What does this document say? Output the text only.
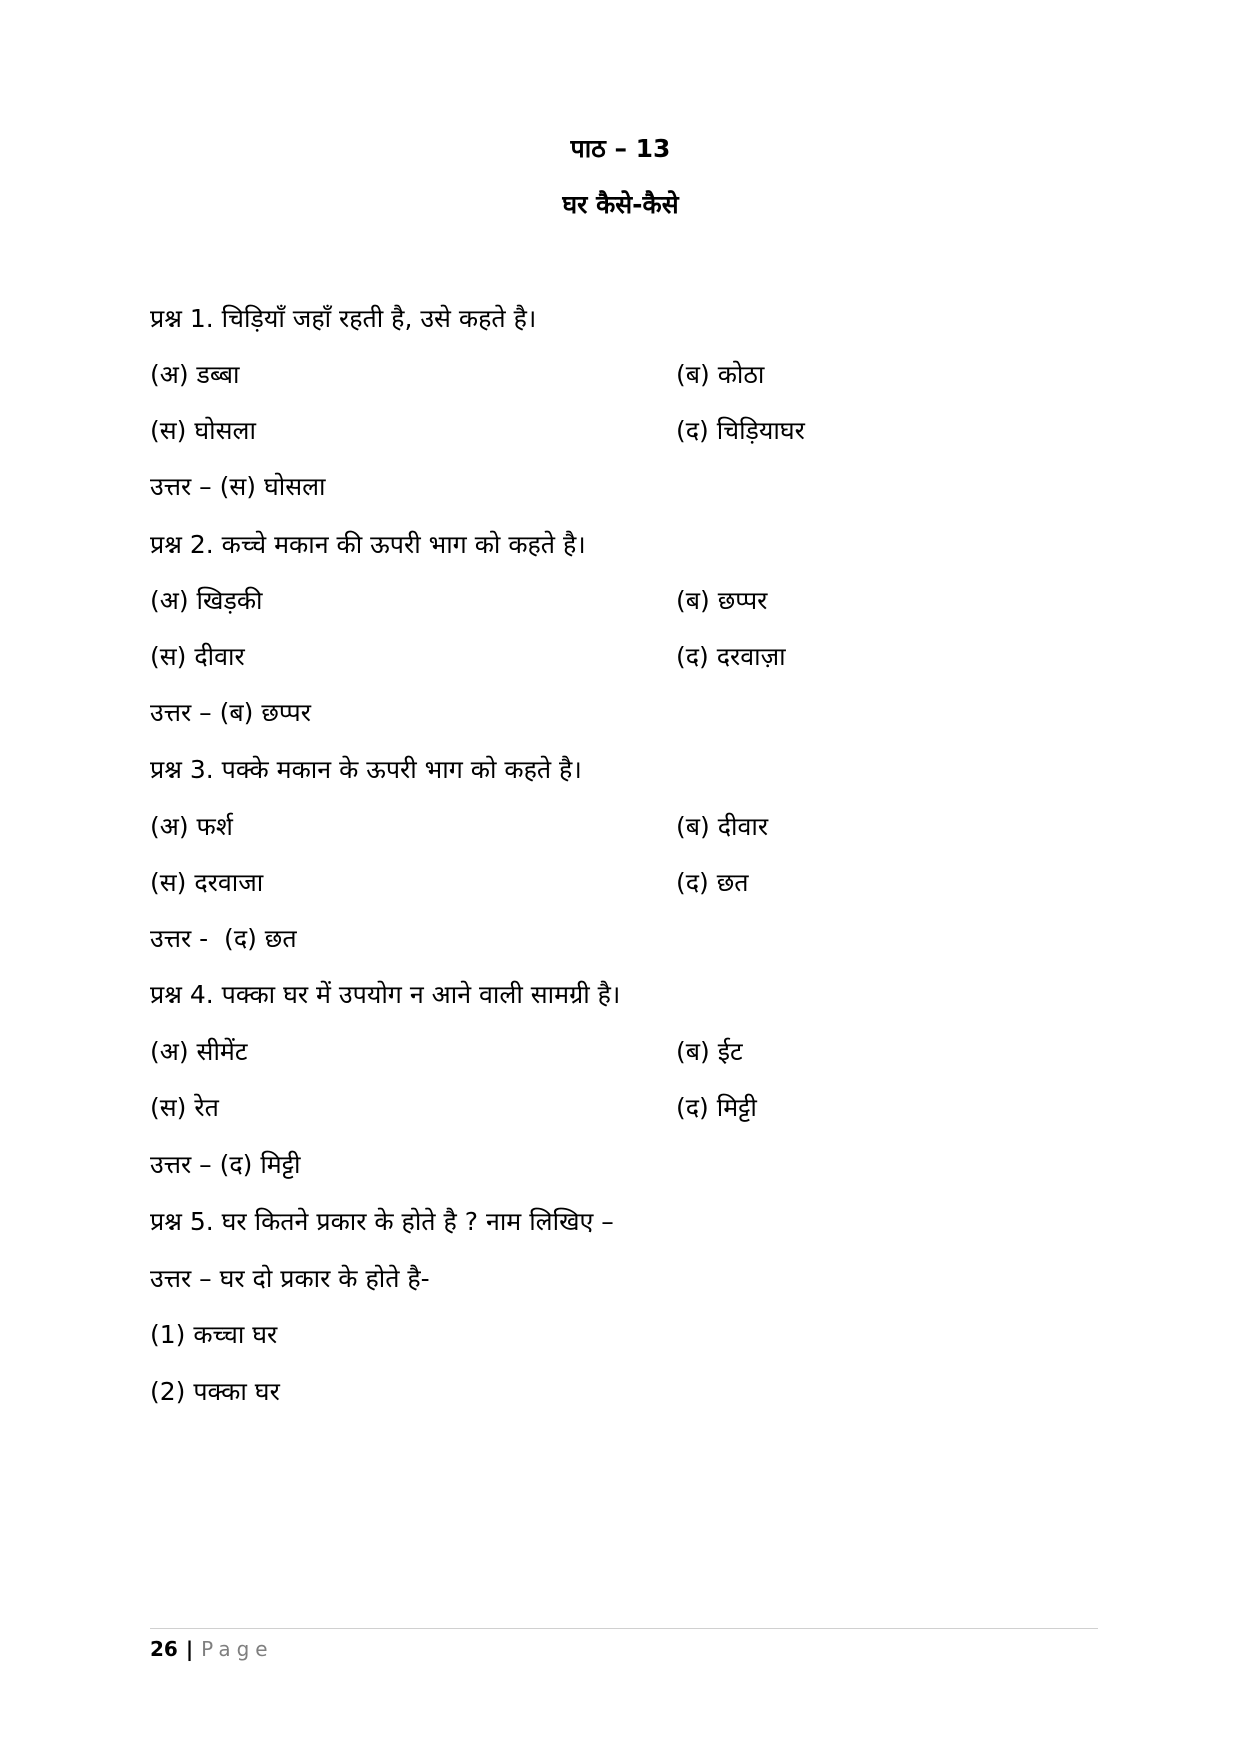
पाठ – 13
घर कैसे-कैसे
प्रश्न 1. चिड़ियाँ जहाँ रहती है, उसे कहते है।
(अ) डब्बा	(ब) कोठा
(स) घोसला	(द) चिड़ियाघर
उत्तर – (स) घोसला
प्रश्न 2. कच्चे मकान की ऊपरी भाग को कहते है।
(अ) खिड़की	(ब) छप्पर
(स) दीवार	(द) दरवाज़ा
उत्तर – (ब) छप्पर
प्रश्न 3. पक्के मकान के ऊपरी भाग को कहते है।
(अ) फर्श	(ब) दीवार
(स) दरवाजा	(द) छत
उत्तर -  (द) छत
प्रश्न 4. पक्का घर में उपयोग न आने वाली सामग्री है।
(अ) सीमेंट	(ब) ईट
(स) रेत	(द) मिट्टी
उत्तर – (द) मिट्टी
प्रश्न 5. घर कितने प्रकार के होते है ? नाम लिखिए –
उत्तर – घर दो प्रकार के होते है-
(1) कच्चा घर
(2) पक्का घर
26 | Page
